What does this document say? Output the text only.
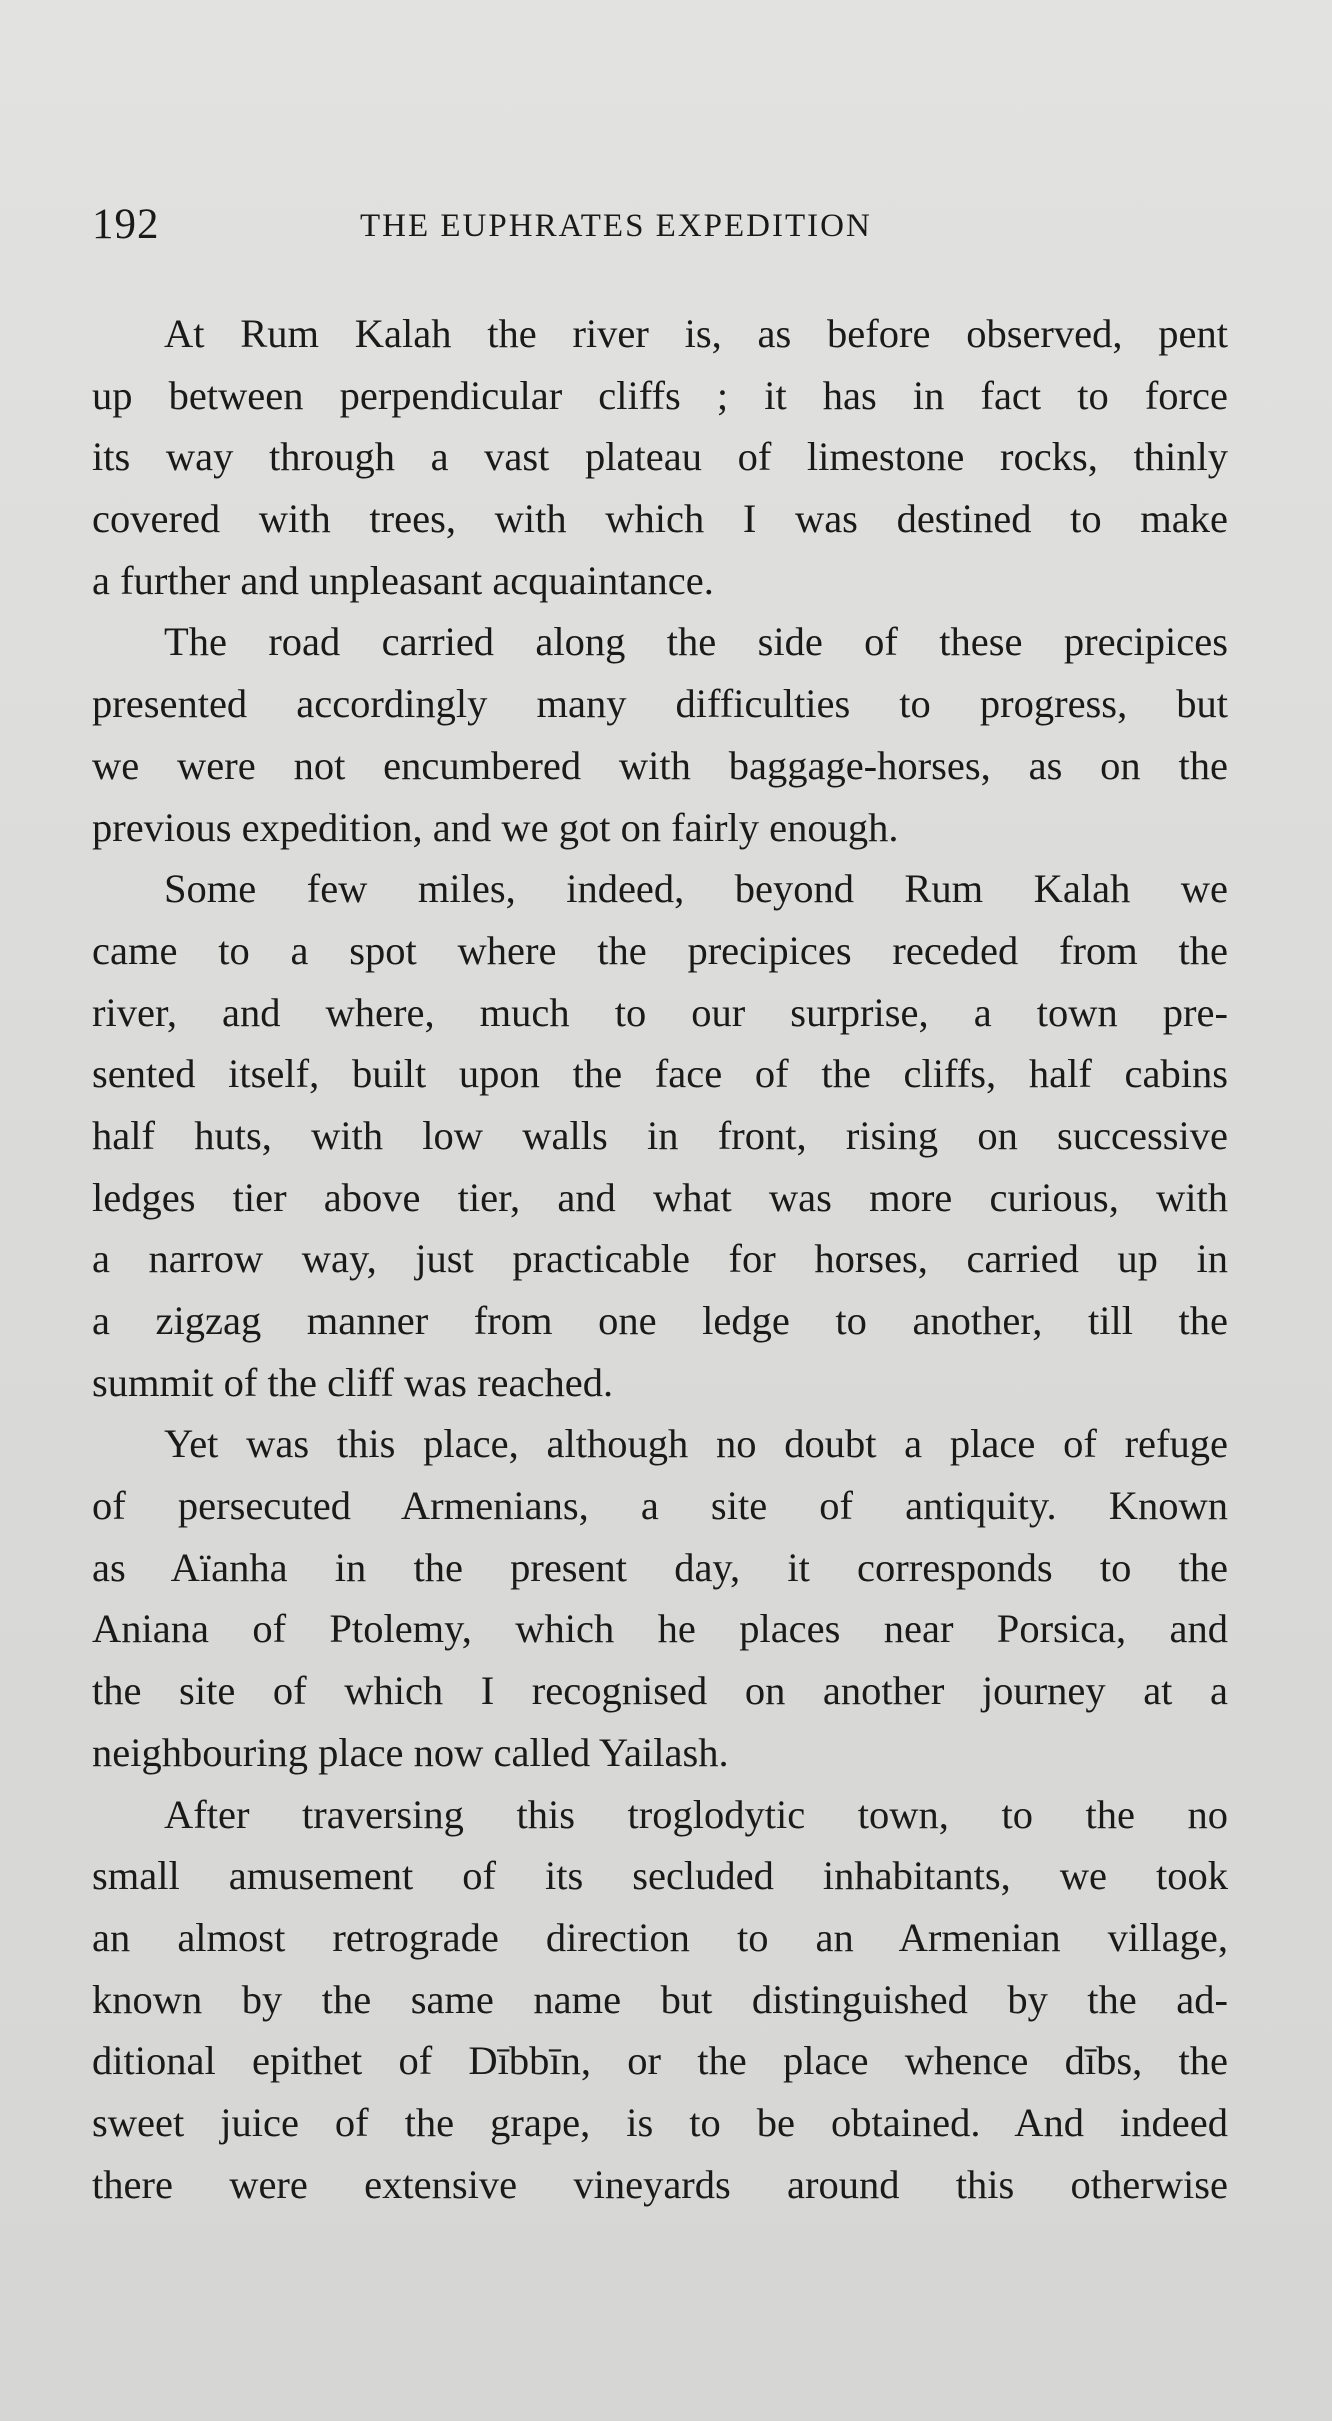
192	THE EUPHRATES EXPEDITION
At Rum Kalah the river is, as before observed, pent
up between perpendicular cliffs ; it has in fact to force
its way through a vast plateau of limestone rocks, thinly
covered with trees, with which I was destined to make
a further and unpleasant acquaintance.
The road carried along the side of these precipices
presented accordingly many difficulties to progress, but
we were not encumbered with baggage-horses, as on the
previous expedition, and we got on fairly enough.
Some few miles, indeed, beyond Rum Kalah we
came to a spot where the precipices receded from the
river, and where, much to our surprise, a town pre-
sented itself, built upon the face of the cliffs, half cabins
half huts, with low walls in front, rising on successive
ledges tier above tier, and what was more curious, with
a narrow way, just practicable for horses, carried up in
a zigzag manner from one ledge to another, till the
summit of the cliff was reached.
Yet was this place, although no doubt a place of refuge
of persecuted Armenians, a site of antiquity. Known
as Aïanha in the present day, it corresponds to the
Aniana of Ptolemy, which he places near Porsica, and
the site of which I recognised on another journey at a
neighbouring place now called Yailash.
After traversing this troglodytic town, to the no
small amusement of its secluded inhabitants, we took
an almost retrograde direction to an Armenian village,
known by the same name but distinguished by the ad-
ditional epithet of Dībbīn, or the place whence dībs, the
sweet juice of the grape, is to be obtained. And indeed
there were extensive vineyards around this otherwise
